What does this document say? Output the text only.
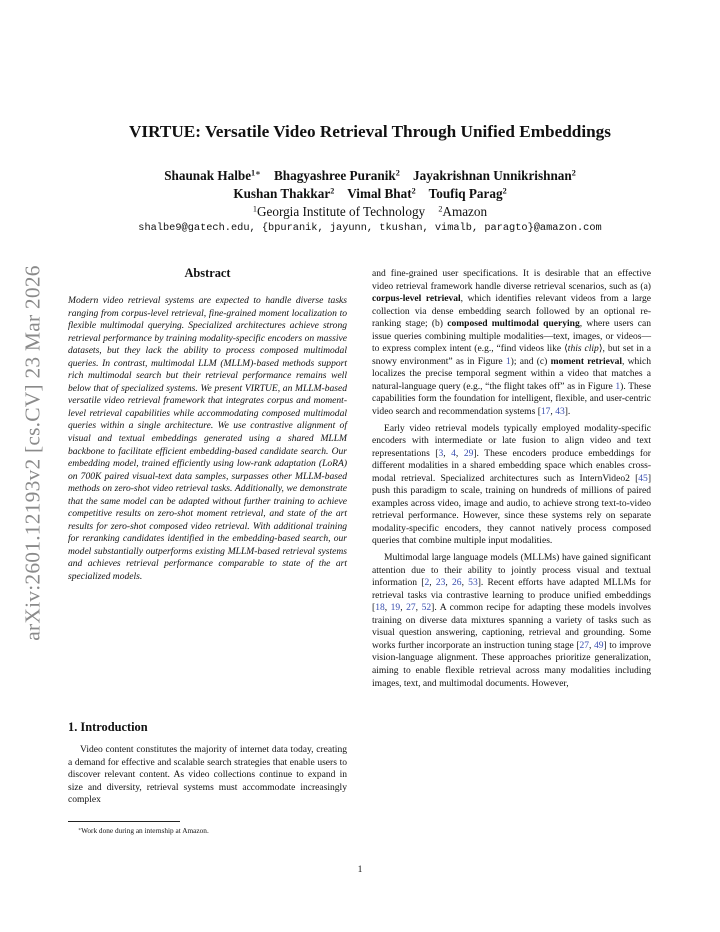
arXiv:2601.12193v2 [cs.CV] 23 Mar 2026
VIRTUE: Versatile Video Retrieval Through Unified Embeddings
Shaunak Halbe$^{1∗}$ Bhagyashree Puranik$^2$ Jayakrishnan Unnikrishnan$^2$
Kushan Thakkar$^2$ Vimal Bhat$^2$ Toufiq Parag$^2$
$^1$Georgia Institute of Technology $^2$Amazon
shalbe9@gatech.edu, {bpuranik, jayunn, tkushan, vimalb, paragto}@amazon.com
Abstract
Modern video retrieval systems are expected to handle diverse tasks ranging from corpus-level retrieval, fine-grained moment localization to flexible multimodal querying. Specialized architectures achieve strong retrieval performance by training modality-specific encoders on massive datasets, but they lack the ability to process composed multimodal queries. In contrast, multimodal LLM (MLLM)-based methods support rich multimodal search but their retrieval performance remains well below that of specialized systems. We present VIRTUE, an MLLM-based versatile video retrieval framework that integrates corpus and moment-level retrieval capabilities while accommodating composed multimodal queries within a single architecture. We use contrastive alignment of visual and textual embeddings generated using a shared MLLM backbone to facilitate efficient embedding-based candidate search. Our embedding model, trained efficiently using low-rank adaptation (LoRA) on 700K paired visual-text data samples, surpasses other MLLM-based methods on zero-shot video retrieval tasks. Additionally, we demonstrate that the same model can be adapted without further training to achieve competitive results on zero-shot moment retrieval, and state of the art results for zero-shot composed video retrieval. With additional training for reranking candidates identified in the embedding-based search, our model substantially outperforms existing MLLM-based retrieval systems and achieves retrieval performance comparable to state of the art specialized models.
1. Introduction

Video content constitutes the majority of internet data today, creating a demand for effective and scalable search strategies that enable users to discover relevant content. As video collections continue to expand in size and diversity, retrieval systems must accommodate increasingly complex

and fine-grained user specifications. It is desirable that an effective video retrieval framework handle diverse retrieval scenarios, such as (a) corpus-level retrieval, which identifies relevant videos from a large collection via dense embedding search followed by an optional re-ranking stage; (b) composed multimodal querying, where users can issue queries combining multiple modalities—text, images, or videos—to express complex intent (e.g., “find videos like ⟨this clip⟩, but set in a snowy environment” as in Figure 1); and (c) moment retrieval, which localizes the precise temporal segment within a video that matches a natural-language query (e.g., “the flight takes off” as in Figure 1). These capabilities form the foundation for intelligent, flexible, and user-centric video search and recommendation systems [17, 43].

Early video retrieval models typically employed modality-specific encoders with intermediate or late fusion to align video and text representations [3, 4, 29]. These encoders produce embeddings for different modalities in a shared embedding space which enables cross-modal retrieval. Specialized architectures such as InternVideo2 [45] push this paradigm to scale, training on hundreds of millions of paired examples across video, image and audio, to achieve strong text-to-video retrieval performance. However, since these systems rely on separate modality-specific encoders, they cannot natively process composed queries that combine multiple input modalities.

Multimodal large language models (MLLMs) have gained significant attention due to their ability to jointly process visual and textual information [2, 23, 26, 53]. Recent efforts have adapted MLLMs for retrieval tasks via contrastive learning to produce unified embeddings [18, 19, 27, 52]. A common recipe for adapting these models involves training on diverse data mixtures spanning a variety of tasks such as visual question answering, captioning, retrieval and grounding. Some works further incorporate an instruction tuning stage [27, 49] to improve vision-language alignment. These approaches prioritize generalization, aiming to enable flexible retrieval across many modalities including images, text, and multimodal documents. However,

∗Work done during an internship at Amazon.
1
